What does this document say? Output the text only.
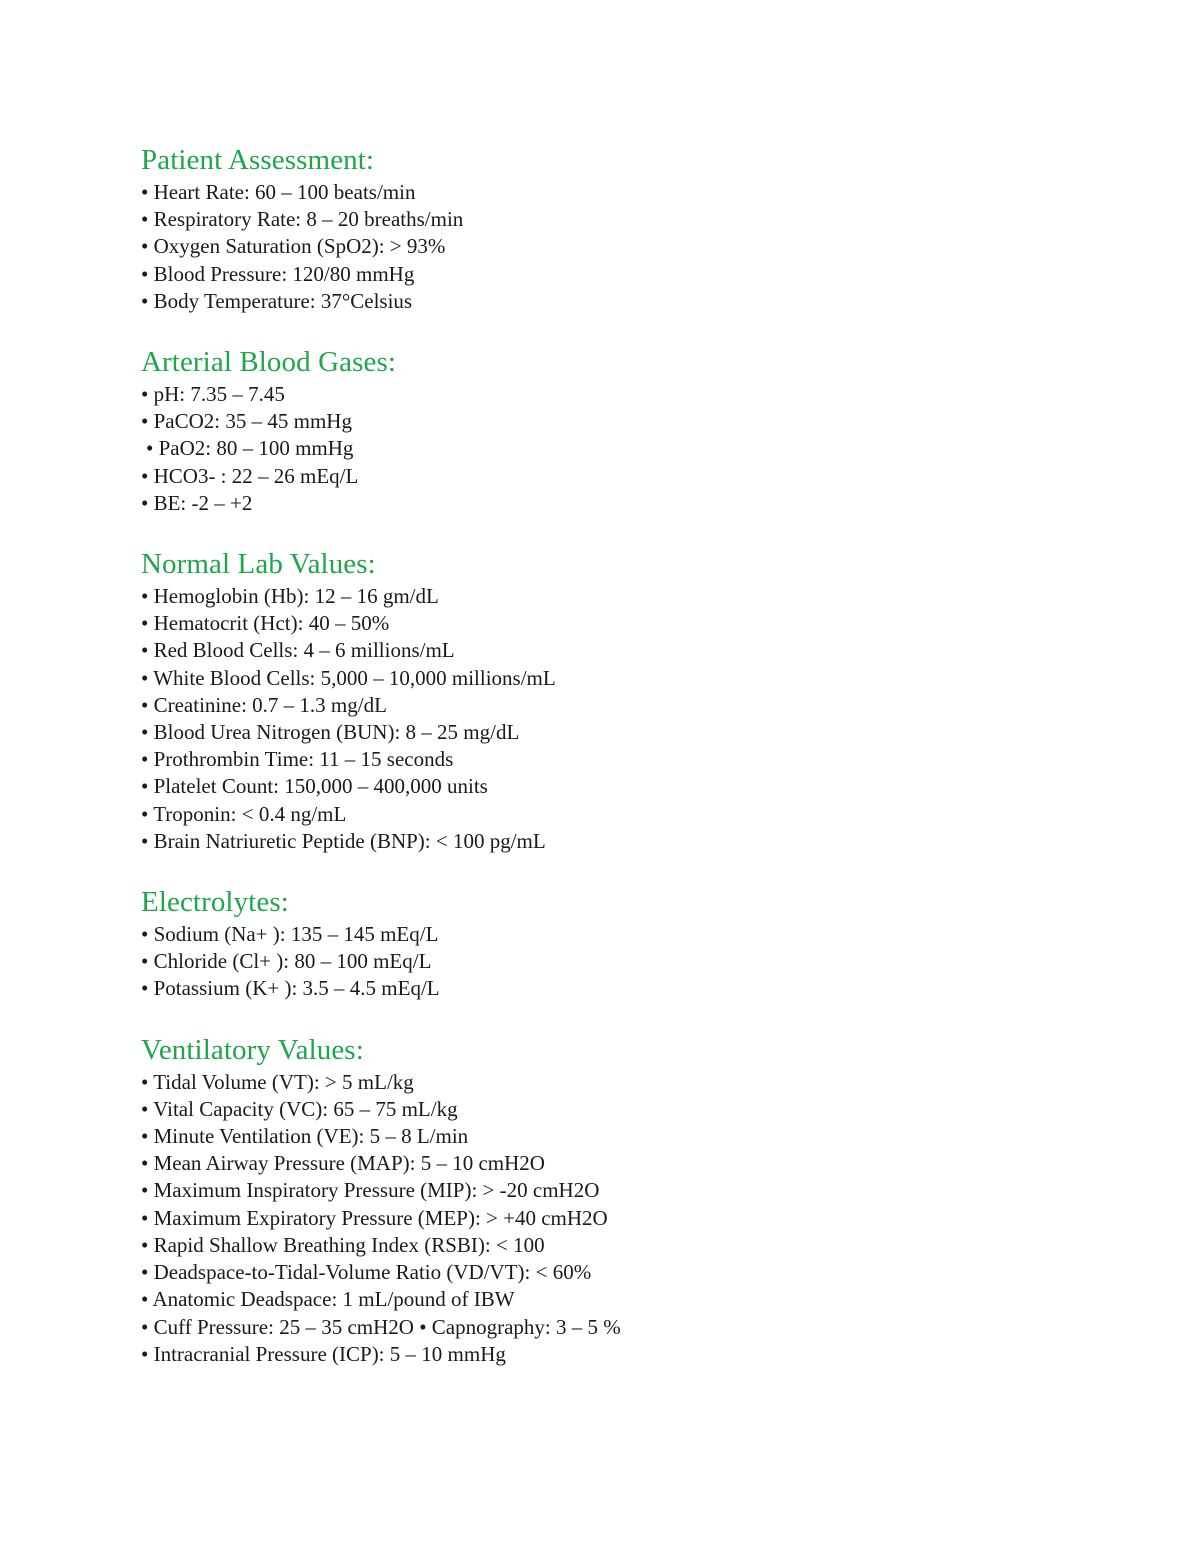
Patient Assessment:
• Heart Rate: 60 – 100 beats/min
• Respiratory Rate: 8 – 20 breaths/min
• Oxygen Saturation (SpO2): > 93%
• Blood Pressure: 120/80 mmHg
• Body Temperature: 37°Celsius
Arterial Blood Gases:
• pH: 7.35 – 7.45
• PaCO2: 35 – 45 mmHg
• PaO2: 80 – 100 mmHg
• HCO3- : 22 – 26 mEq/L
• BE: -2 – +2
Normal Lab Values:
• Hemoglobin (Hb): 12 – 16 gm/dL
• Hematocrit (Hct): 40 – 50%
• Red Blood Cells: 4 – 6 millions/mL
• White Blood Cells: 5,000 – 10,000 millions/mL
• Creatinine: 0.7 – 1.3 mg/dL
• Blood Urea Nitrogen (BUN): 8 – 25 mg/dL
• Prothrombin Time: 11 – 15 seconds
• Platelet Count: 150,000 – 400,000 units
• Troponin: < 0.4 ng/mL
• Brain Natriuretic Peptide (BNP): < 100 pg/mL
Electrolytes:
• Sodium (Na+ ): 135 – 145 mEq/L
• Chloride (Cl+ ): 80 – 100 mEq/L
• Potassium (K+ ): 3.5 – 4.5 mEq/L
Ventilatory Values:
• Tidal Volume (VT): > 5 mL/kg
• Vital Capacity (VC): 65 – 75 mL/kg
• Minute Ventilation (VE): 5 – 8 L/min
• Mean Airway Pressure (MAP): 5 – 10 cmH2O
• Maximum Inspiratory Pressure (MIP): > -20 cmH2O
• Maximum Expiratory Pressure (MEP): > +40 cmH2O
• Rapid Shallow Breathing Index (RSBI): < 100
• Deadspace-to-Tidal-Volume Ratio (VD/VT): < 60%
• Anatomic Deadspace: 1 mL/pound of IBW
• Cuff Pressure: 25 – 35 cmH2O • Capnography: 3 – 5 %
• Intracranial Pressure (ICP): 5 – 10 mmHg
